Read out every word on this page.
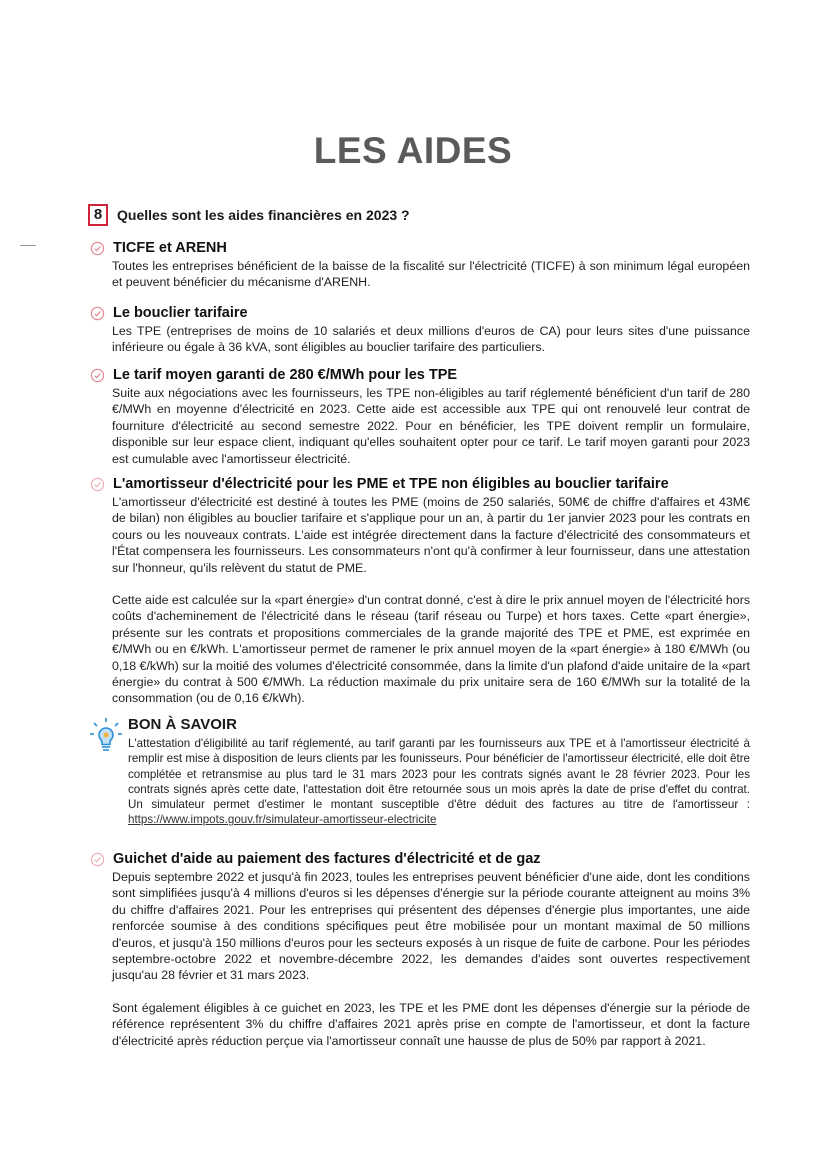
LES AIDES
8	Quelles sont les aides financières en 2023 ?
TICFE et ARENH

Toutes les entreprises bénéficient de la baisse de la fiscalité sur l'électricité (TICFE) à son minimum légal européen et peuvent bénéficier du mécanisme d'ARENH.

Le bouclier tarifaire

Les TPE (entreprises de moins de 10 salariés et deux millions d'euros de CA) pour leurs sites d'une puissance inférieure ou égale à 36 kVA, sont éligibles au bouclier tarifaire des particuliers.

Le tarif moyen garanti de 280 €/MWh pour les TPE

Suite aux négociations avec les fournisseurs, les TPE non-éligibles au tarif réglementé bénéficient d'un tarif de 280 €/MWh en moyenne d'électricité en 2023. Cette aide est accessible aux TPE qui ont renouvelé leur contrat de fourniture d'électricité au second semestre 2022. Pour en bénéficier, les TPE doivent remplir un formulaire, disponible sur leur espace client, indiquant qu'elles souhaitent opter pour ce tarif. Le tarif moyen garanti pour 2023 est cumulable avec l'amortisseur électricité.

L'amortisseur d'électricité pour les PME et TPE non éligibles au bouclier tarifaire

L'amortisseur d'électricité est destiné à toutes les PME (moins de 250 salariés, 50M€ de chiffre d'affaires et 43M€ de bilan) non éligibles au bouclier tarifaire et s'applique pour un an, à partir du 1er janvier 2023 pour les contrats en cours ou les nouveaux contrats. L'aide est intégrée directement dans la facture d'électricité des consommateurs et l'État compensera les fournisseurs. Les consommateurs n'ont qu'à confirmer à leur fournisseur, dans une attestation sur l'honneur, qu'ils relèvent du statut de PME.

Cette aide est calculée sur la «part énergie» d'un contrat donné, c'est à dire le prix annuel moyen de l'électricité hors coûts d'acheminement de l'électricité dans le réseau (tarif réseau ou Turpe) et hors taxes. Cette «part énergie», présente sur les contrats et propositions commerciales de la grande majorité des TPE et PME, est exprimée en €/MWh ou en €/kWh. L'amortisseur permet de ramener le prix annuel moyen de la «part énergie» à 180 €/MWh (ou 0,18 €/kWh) sur la moitié des volumes d'électricité consommée, dans la limite d'un plafond d'aide unitaire de la «part énergie» du contrat à 500 €/MWh. La réduction maximale du prix unitaire sera de 160 €/MWh sur la totalité de la consommation (ou de 0,16 €/kWh).

BON À SAVOIR
L'attestation d'éligibilité au tarif réglementé, au tarif garanti par les fournisseurs aux TPE et à l'amortisseur électricité à remplir est mise à disposition de leurs clients par les founisseurs. Pour bénéficier de l'amortisseur électricité, elle doit être complétée et retransmise au plus tard le 31 mars 2023 pour les contrats signés avant le 28 février 2023. Pour les contrats signés après cette date, l'attestation doit être retournée sous un mois après la date de prise d'effet du contrat. Un simulateur permet d'estimer le montant susceptible d'être déduit des factures au titre de l'amortisseur : https://www.impots.gouv.fr/simulateur-amortisseur-electricite
Guichet d'aide au paiement des factures d'électricité et de gaz

Depuis septembre 2022 et jusqu'à fin 2023, toules les entreprises peuvent bénéficier d'une aide, dont les conditions sont simplifiées jusqu'à 4 millions d'euros si les dépenses d'énergie sur la période courante atteignent au moins 3% du chiffre d'affaires 2021. Pour les entreprises qui présentent des dépenses d'énergie plus importantes, une aide renforcée soumise à des conditions spécifiques peut être mobilisée pour un montant maximal de 50 millions d'euros, et jusqu'à 150 millions d'euros pour les secteurs exposés à un risque de fuite de carbone. Pour les périodes septembre-octobre 2022 et novembre-décembre 2022, les demandes d'aides sont ouvertes respectivement jusqu'au 28 février et 31 mars 2023.

Sont également éligibles à ce guichet en 2023, les TPE et les PME dont les dépenses d'énergie sur la période de référence représentent 3% du chiffre d'affaires 2021 après prise en compte de l'amortisseur, et dont la facture d'électricité après réduction perçue via l'amortisseur connaît une hausse de plus de 50% par rapport à 2021.
